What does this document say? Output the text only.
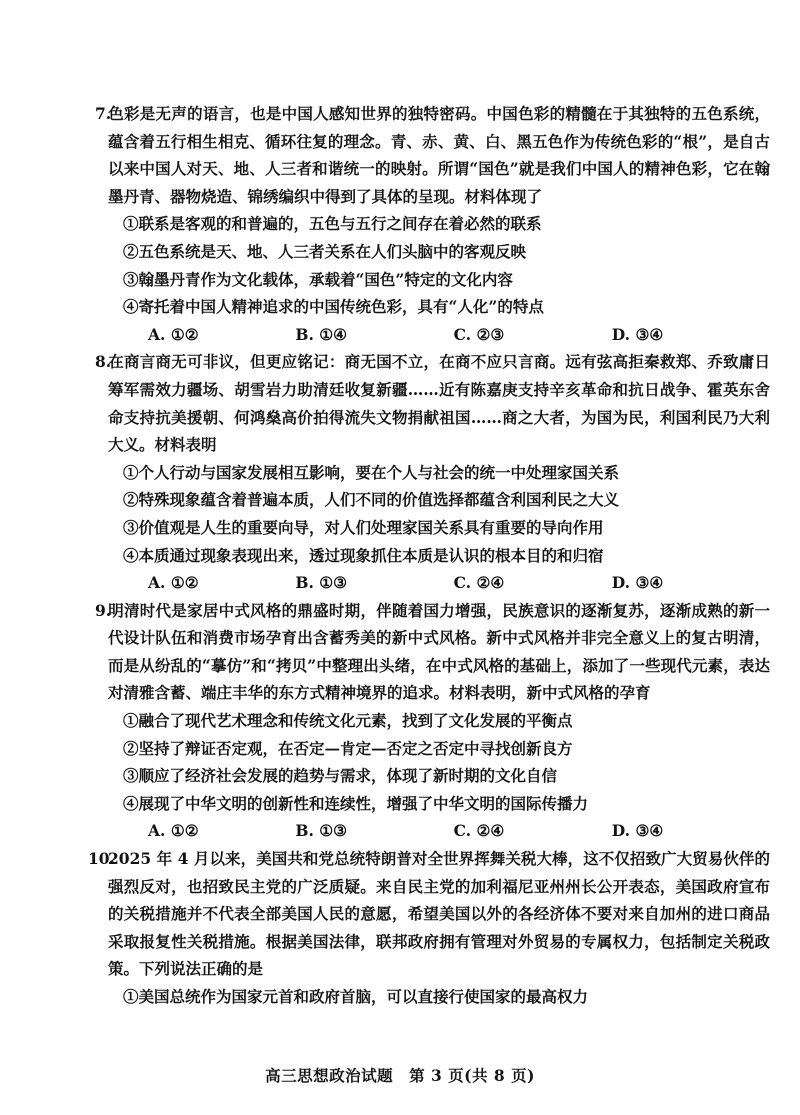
7.色彩是无声的语言，也是中国人感知世界的独特密码。中国色彩的精髓在于其独特的五色系统，蕴含着五行相生相克、循环往复的理念。青、赤、黄、白、黑五色作为传统色彩的“根”，是自古以来中国人对天、地、人三者和谐统一的映射。所谓“国色”就是我们中国人的精神色彩，它在翰墨丹青、器物烧造、锦绣编织中得到了具体的呈现。材料体现了

①联系是客观的和普遍的，五色与五行之间存在着必然的联系

②五色系统是天、地、人三者关系在人们头脑中的客观反映

③翰墨丹青作为文化载体，承载着“国色”特定的文化内容

④寄托着中国人精神追求的中国传统色彩，具有“人化”的特点

A. ①②	B. ①④	C. ②③	D. ③④

8.在商言商无可非议，但更应铭记：商无国不立，在商不应只言商。远有弦高拒秦救郑、乔致庸日筹军需效力疆场、胡雪岩力助清廷收复新疆……近有陈嘉庚支持辛亥革命和抗日战争、霍英东舍命支持抗美援朝、何鸿燊高价拍得流失文物捐献祖国……商之大者，为国为民，利国利民乃大利大义。材料表明

①个人行动与国家发展相互影响，要在个人与社会的统一中处理家国关系

②特殊现象蕴含着普遍本质，人们不同的价值选择都蕴含利国利民之大义

③价值观是人生的重要向导，对人们处理家国关系具有重要的导向作用

④本质通过现象表现出来，透过现象抓住本质是认识的根本目的和归宿

A. ①②	B. ①③	C. ②④	D. ③④

9.明清时代是家居中式风格的鼎盛时期，伴随着国力增强，民族意识的逐渐复苏，逐渐成熟的新一代设计队伍和消费市场孕育出含蓄秀美的新中式风格。新中式风格并非完全意义上的复古明清，而是从纷乱的“摹仿”和“拷贝”中整理出头绪，在中式风格的基础上，添加了一些现代元素，表达对清雅含蓄、端庄丰华的东方式精神境界的追求。材料表明，新中式风格的孕育

①融合了现代艺术理念和传统文化元素，找到了文化发展的平衡点

②坚持了辩证否定观，在否定—肯定—否定之否定中寻找创新良方

③顺应了经济社会发展的趋势与需求，体现了新时期的文化自信

④展现了中华文明的创新性和连续性，增强了中华文明的国际传播力

A. ①②	B. ①③	C. ②④	D. ③④

10.2025 年 4 月以来，美国共和党总统特朗普对全世界挥舞关税大棒，这不仅招致广大贸易伙伴的强烈反对，也招致民主党的广泛质疑。来自民主党的加利福尼亚州州长公开表态，美国政府宣布的关税措施并不代表全部美国人民的意愿，希望美国以外的各经济体不要对来自加州的进口商品采取报复性关税措施。根据美国法律，联邦政府拥有管理对外贸易的专属权力，包括制定关税政策。下列说法正确的是

①美国总统作为国家元首和政府首脑，可以直接行使国家的最高权力

高三思想政治试题　第 3 页(共 8 页)
